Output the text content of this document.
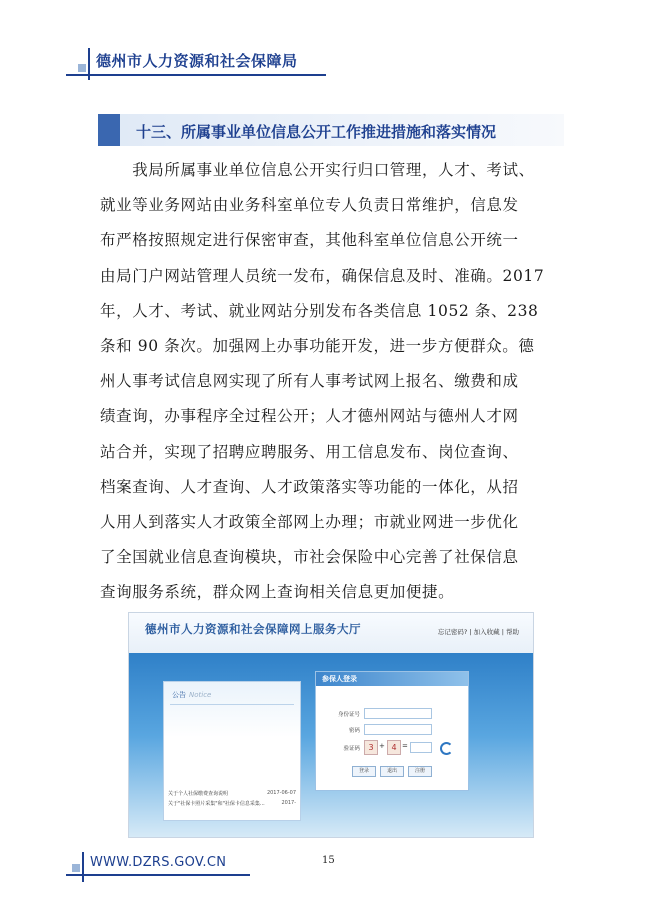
德州市人力资源和社会保障局
十三、所属事业单位信息公开工作推进措施和落实情况
　　我局所属事业单位信息公开实行归口管理，人才、考试、
就业等业务网站由业务科室单位专人负责日常维护，信息发
布严格按照规定进行保密审查，其他科室单位信息公开统一
由局门户网站管理人员统一发布，确保信息及时、准确。2017
年，人才、考试、就业网站分别发布各类信息 1052 条、238
条和 90 条次。加强网上办事功能开发，进一步方便群众。德
州人事考试信息网实现了所有人事考试网上报名、缴费和成
绩查询，办事程序全过程公开；人才德州网站与德州人才网
站合并，实现了招聘应聘服务、用工信息发布、岗位查询、
档案查询、人才查询、人才政策落实等功能的一体化，从招
人用人到落实人才政策全部网上办理；市就业网进一步优化
了全国就业信息查询模块，市社会保险中心完善了社保信息
查询服务系统，群众网上查询相关信息更加便捷。
德州市人力资源和社会保障网上服务大厅	忘记密码? | 加入收藏 | 帮助
公告 Notice
关于个人社保缴费查询说明	2017-06-07
关于"社保卡照片采集"和"社保卡信息采集...	2017-
参保人登录
身份证号
密码
验证码	3 + 4 =
登录	退出	注册
WWW.DZRS.GOV.CN	15
